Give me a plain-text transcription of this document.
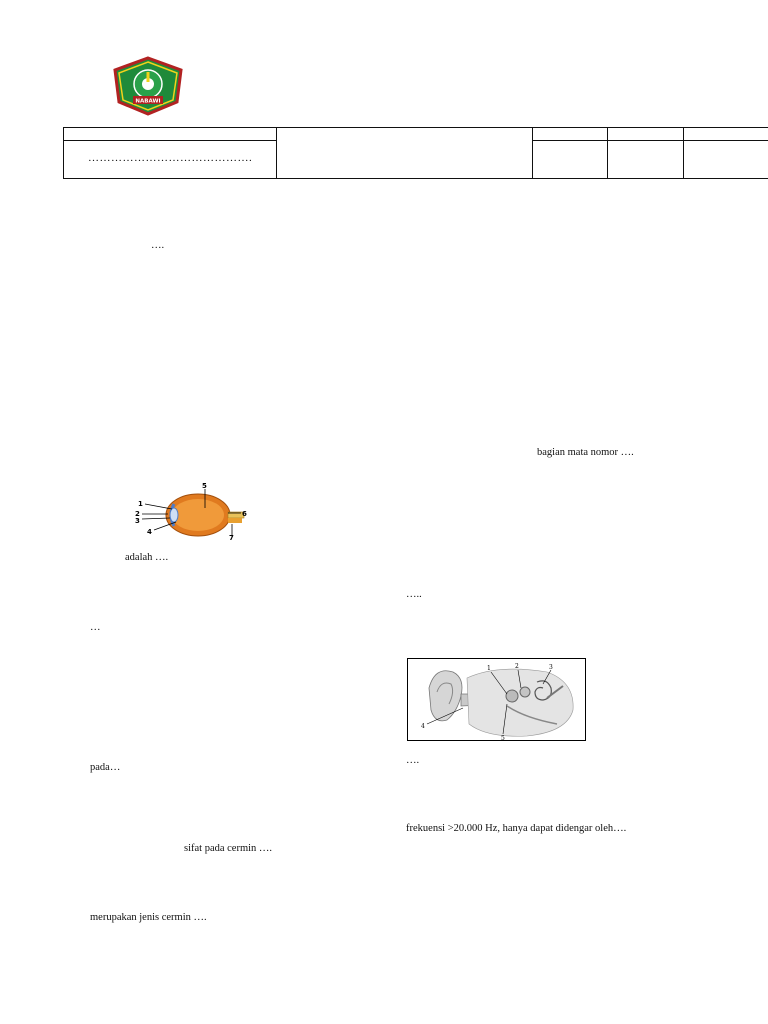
NABAWI
…………………………………….
….
bagian mata nomor ….
adalah ….
…..
…
….
pada…
frekuensi >20.000 Hz, hanya dapat didengar oleh….
sifat pada cermin ….
merupakan jenis cermin ….
1
2
3
4
5
6
7
1	2	3
4
5
